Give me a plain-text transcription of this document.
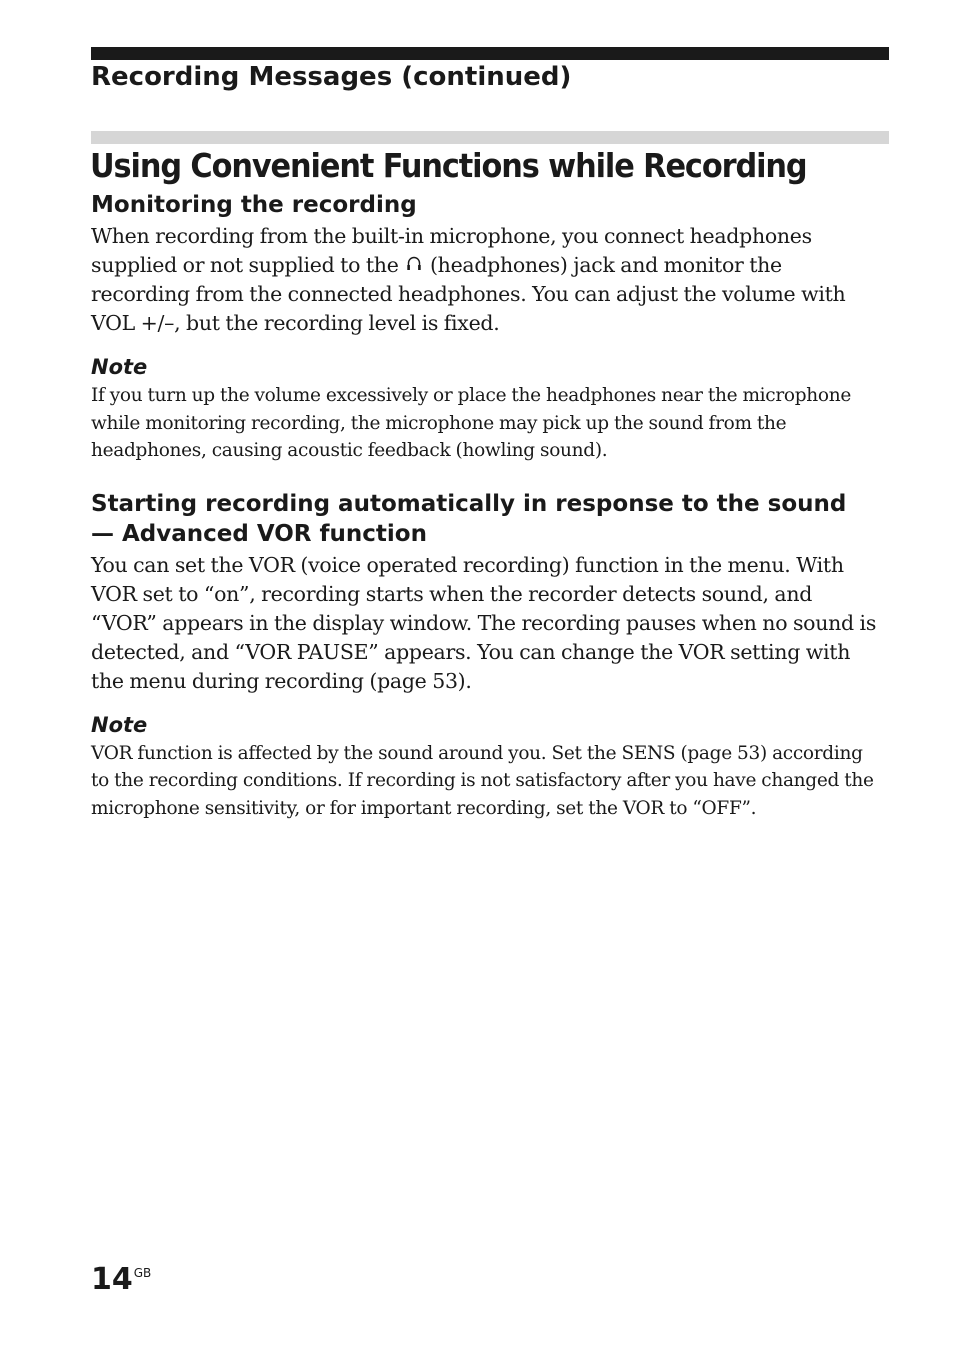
Recording Messages (continued)
Using Convenient Functions while Recording

Monitoring the recording

When recording from the built-in microphone, you connect headphones supplied or not supplied to the (headphones) jack and monitor the recording from the connected headphones. You can adjust the volume with VOL +/–, but the recording level is fixed.

Note

If you turn up the volume excessively or place the headphones near the microphone while monitoring recording, the microphone may pick up the sound from the headphones, causing acoustic feedback (howling sound).

Starting recording automatically in response to the sound
— Advanced VOR function

You can set the VOR (voice operated recording) function in the menu. With VOR set to “on”, recording starts when the recorder detects sound, and “VOR” appears in the display window. The recording pauses when no sound is detected, and “VOR PAUSE” appears. You can change the VOR setting with the menu during recording (page 53).

Note

VOR function is affected by the sound around you. Set the SENS (page 53) according to the recording conditions. If recording is not satisfactory after you have changed the microphone sensitivity, or for important recording, set the VOR to “OFF”.

$14^{GB}$
